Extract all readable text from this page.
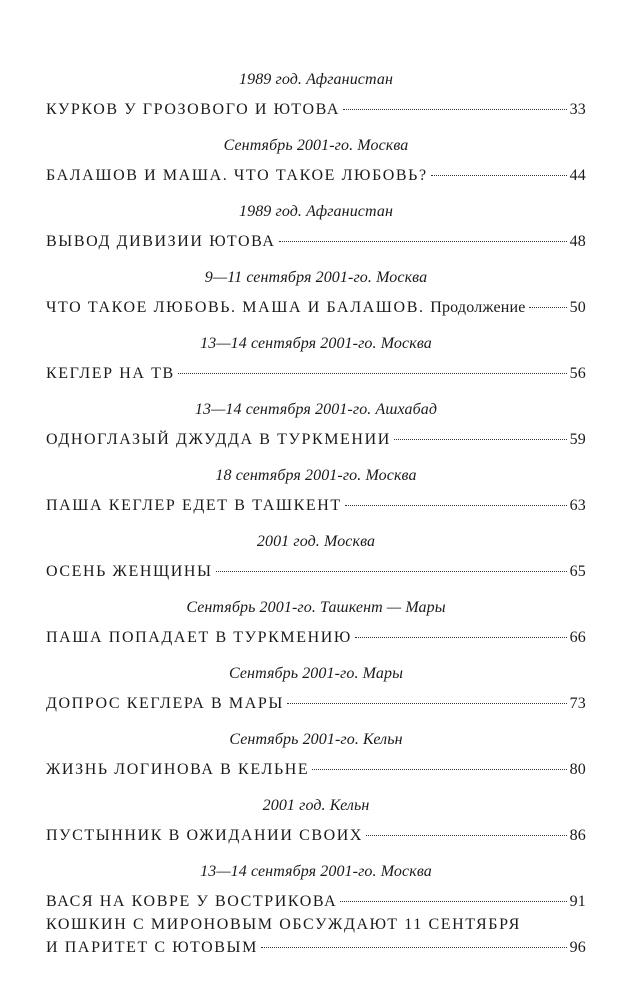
1989 год. Афганистан
КУРКОВ У ГРОЗОВОГО И ЮТОВА	33
Сентябрь 2001-го. Москва
БАЛАШОВ И МАША. ЧТО ТАКОЕ ЛЮБОВЬ?	44
1989 год. Афганистан
ВЫВОД ДИВИЗИИ ЮТОВА	48
9—11 сентября 2001-го. Москва
ЧТО ТАКОЕ ЛЮБОВЬ. МАША И БАЛАШОВ. Продолжение	50
13—14 сентября 2001-го. Москва
КЕГЛЕР НА ТВ	56
13—14 сентября 2001-го. Ашхабад
ОДНОГЛАЗЫЙ ДЖУДДА В ТУРКМЕНИИ	59
18 сентября 2001-го. Москва
ПАША КЕГЛЕР ЕДЕТ В ТАШКЕНТ	63
2001 год. Москва
ОСЕНЬ ЖЕНЩИНЫ	65
Сентябрь 2001-го. Ташкент — Мары
ПАША ПОПАДАЕТ В ТУРКМЕНИЮ	66
Сентябрь 2001-го. Мары
ДОПРОС КЕГЛЕРА В МАРЫ	73
Сентябрь 2001-го. Кельн
ЖИЗНЬ ЛОГИНОВА В КЕЛЬНЕ	80
2001 год. Кельн
ПУСТЫННИК В ОЖИДАНИИ СВОИХ	86
13—14 сентября 2001-го. Москва
ВАСЯ НА КОВРЕ У ВОСТРИКОВА	91
КОШКИН С МИРОНОВЫМ ОБСУЖДАЮТ 11 СЕНТЯБРЯ
И ПАРИТЕТ С ЮТОВЫМ	96
